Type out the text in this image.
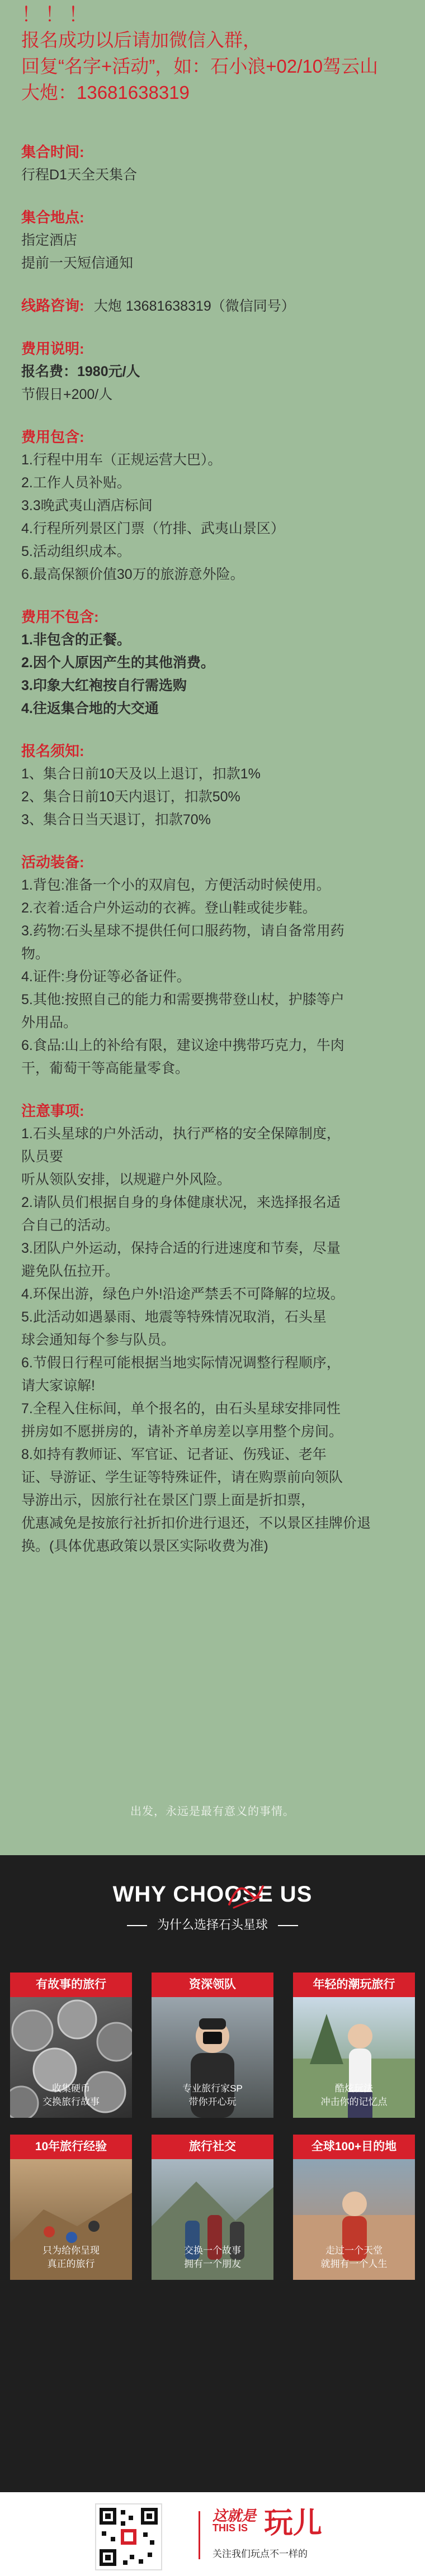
！！！
报名成功以后请加微信入群，
回复“名字+活动”，如：石小浪+02/10驾云山
大炮：13681638319
集合时间:
行程D1天全天集合
集合地点:
指定酒店
提前一天短信通知
线路咨询: 大炮 13681638319（微信同号）
费用说明:
报名费：1980元/人
节假日+200/人
费用包含:
1.行程中用车（正规运营大巴）。
2.工作人员补贴。
3.3晚武夷山酒店标间
4.行程所列景区门票（竹排、武夷山景区）
5.活动组织成本。
6.最高保额价值30万的旅游意外险。
费用不包含:
1.非包含的正餐。
2.因个人原因产生的其他消费。
3.印象大红袍按自行需选购
4.往返集合地的大交通
报名须知:
1、集合日前10天及以上退订，扣款1%
2、集合日前10天内退订，扣款50%
3、集合日当天退订，扣款70%
活动装备:
1.背包:准备一个小的双肩包，方便活动时候使用。
2.衣着:适合户外运动的衣裤。登山鞋或徒步鞋。
3.药物:石头星球不提供任何口服药物，请自备常用药
物。
4.证件:身份证等必备证件。
5.其他:按照自己的能力和需要携带登山杖，护膝等户
外用品。
6.食品:山上的补给有限，建议途中携带巧克力，牛肉
干，葡萄干等高能量零食。
注意事项:
1.石头星球的户外活动，执行严格的安全保障制度，
队员要
听从领队安排，以规避户外风险。
2.请队员们根据自身的身体健康状况，来选择报名适
合自己的活动。
3.团队户外运动，保持合适的行进速度和节奏，尽量
避免队伍拉开。
4.环保出游，绿色户外!沿途严禁丢不可降解的垃圾。
5.此活动如遇暴雨、地震等特殊情况取消，石头星
球会通知每个参与队员。
6.节假日行程可能根据当地实际情况调整行程顺序，
请大家谅解!
7.全程入住标间，单个报名的，由石头星球安排同性
拼房如不愿拼房的，请补齐单房差以享用整个房间。
8.如持有教师证、军官证、记者证、伤残证、老年
证、导游证、学生证等特殊证件，请在购票前向领队
导游出示，因旅行社在景区门票上面是折扣票，
优惠减免是按旅行社折扣价进行退还，不以景区挂牌价退
换。(具体优惠政策以景区实际收费为准)
出发，永远是最有意义的事情。
WHY CHOOSE US
为什么选择石头星球
有故事的旅行
收集硬币
交换旅行故事
资深领队
专业旅行家SP
带你开心玩
年轻的潮玩旅行
酷炫玩法
冲击你的记忆点
10年旅行经验
只为给你呈现
真正的旅行
旅行社交
交换一个故事
拥有一个朋友
全球100+目的地
走过一个天堂
就拥有一个人生
这就是
THIS IS 玩儿
关注我们玩点不一样的
